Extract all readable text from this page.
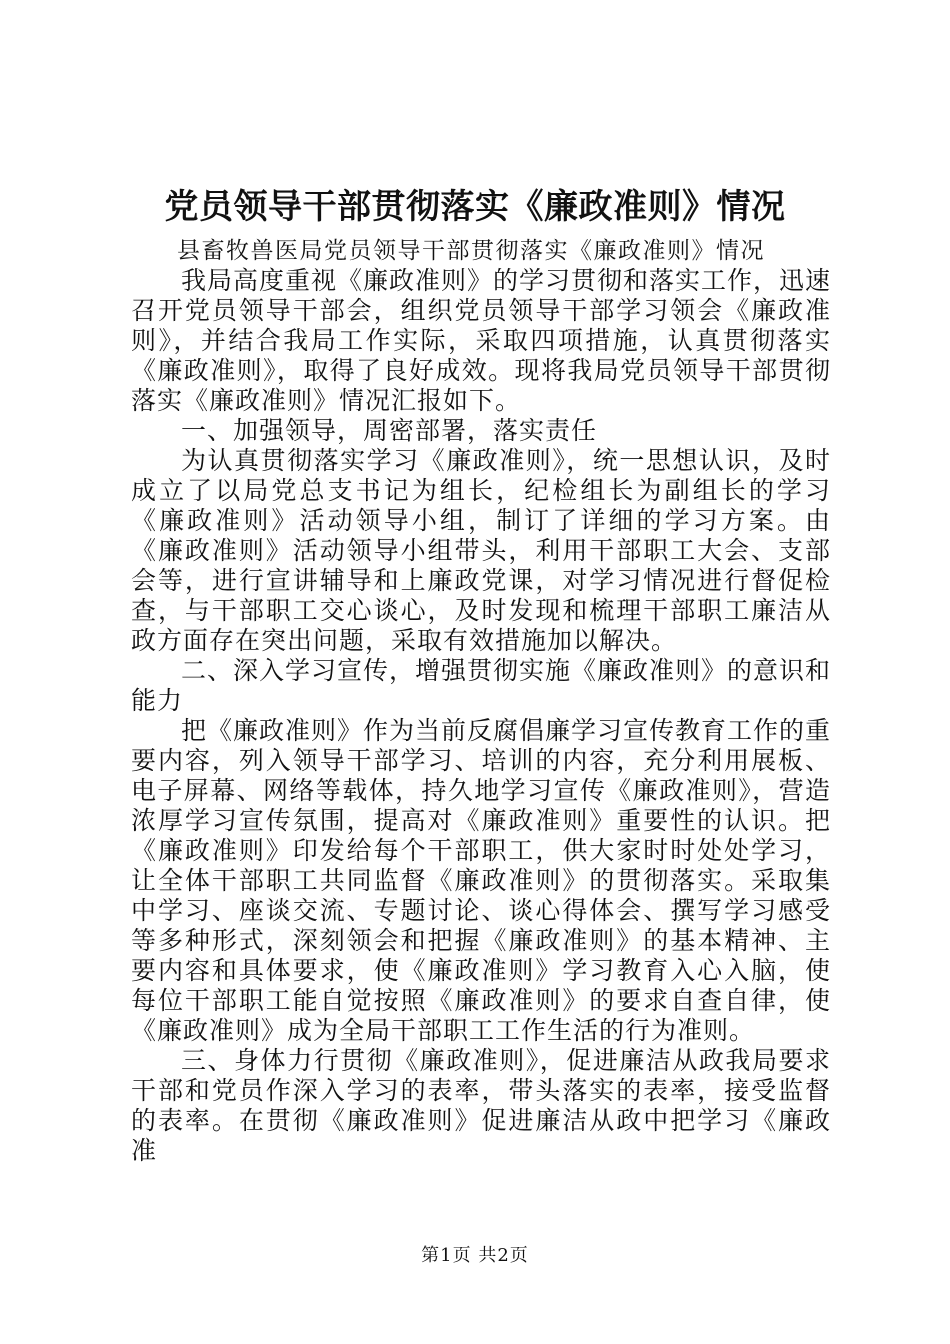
党员领导干部贯彻落实《廉政准则》情况

县畜牧兽医局党员领导干部贯彻落实《廉政准则》情况

我局高度重视《廉政准则》的学习贯彻和落实工作，迅速召开党员领导干部会，组织党员领导干部学习领会《廉政准则》，并结合我局工作实际，采取四项措施，认真贯彻落实《廉政准则》，取得了良好成效。现将我局党员领导干部贯彻落实《廉政准则》情况汇报如下。

一、加强领导，周密部署，落实责任

为认真贯彻落实学习《廉政准则》，统一思想认识，及时成立了以局党总支书记为组长，纪检组长为副组长的学习《廉政准则》活动领导小组，制订了详细的学习方案。由《廉政准则》活动领导小组带头，利用干部职工大会、支部会等，进行宣讲辅导和上廉政党课，对学习情况进行督促检查，与干部职工交心谈心，及时发现和梳理干部职工廉洁从政方面存在突出问题，采取有效措施加以解决。

二、深入学习宣传，增强贯彻实施《廉政准则》的意识和能力

把《廉政准则》作为当前反腐倡廉学习宣传教育工作的重要内容，列入领导干部学习、培训的内容，充分利用展板、电子屏幕、网络等载体，持久地学习宣传《廉政准则》，营造浓厚学习宣传氛围，提高对《廉政准则》重要性的认识。把《廉政准则》印发给每个干部职工，供大家时时处处学习，让全体干部职工共同监督《廉政准则》的贯彻落实。采取集中学习、座谈交流、专题讨论、谈心得体会、撰写学习感受等多种形式，深刻领会和把握《廉政准则》的基本精神、主要内容和具体要求，使《廉政准则》学习教育入心入脑，使每位干部职工能自觉按照《廉政准则》的要求自查自律，使《廉政准则》成为全局干部职工工作生活的行为准则。

三、身体力行贯彻《廉政准则》，促进廉洁从政我局要求干部和党员作深入学习的表率，带头落实的表率，接受监督的表率。在贯彻《廉政准则》促进廉洁从政中把学习《廉政准

第1页 共2页
